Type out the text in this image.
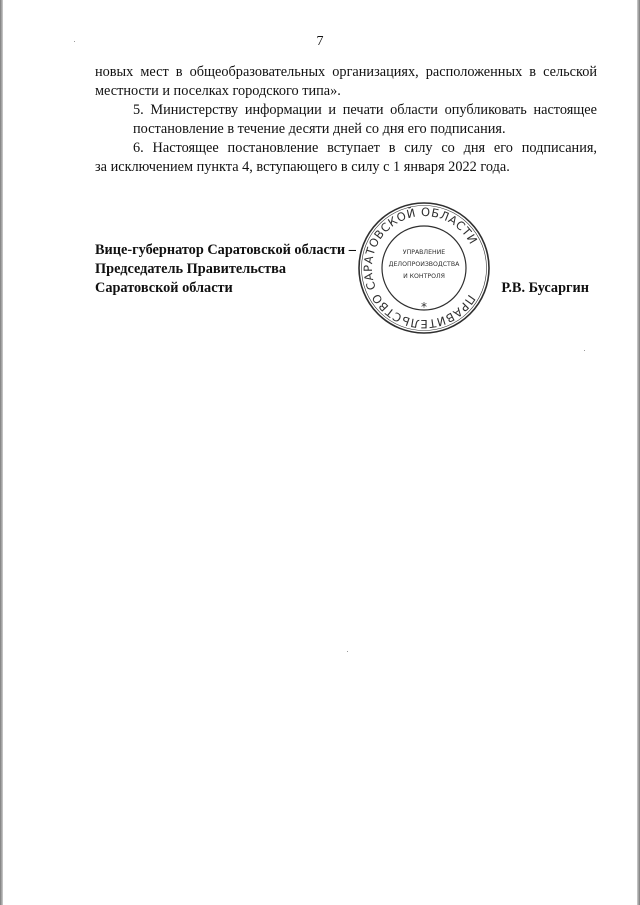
7
новых мест в общеобразовательных организациях, расположенных в сельской
местности и поселках городского типа».
5. Министерству информации и печати области опубликовать настоящее
постановление в течение десяти дней со дня его подписания.
6. Настоящее постановление вступает в силу со дня его подписания,
за исключением пункта 4, вступающего в силу с 1 января 2022 года.
Вице-губернатор Саратовской области –
Председатель Правительства
Саратовской области	Р.В. Бусаргин
ПРАВИТЕЛЬСТВО САРАТОВСКОЙ ОБЛАСТИ
УПРАВЛЕНИЕ
ДЕЛОПРОИЗВОДСТВА
И КОНТРОЛЯ
*
